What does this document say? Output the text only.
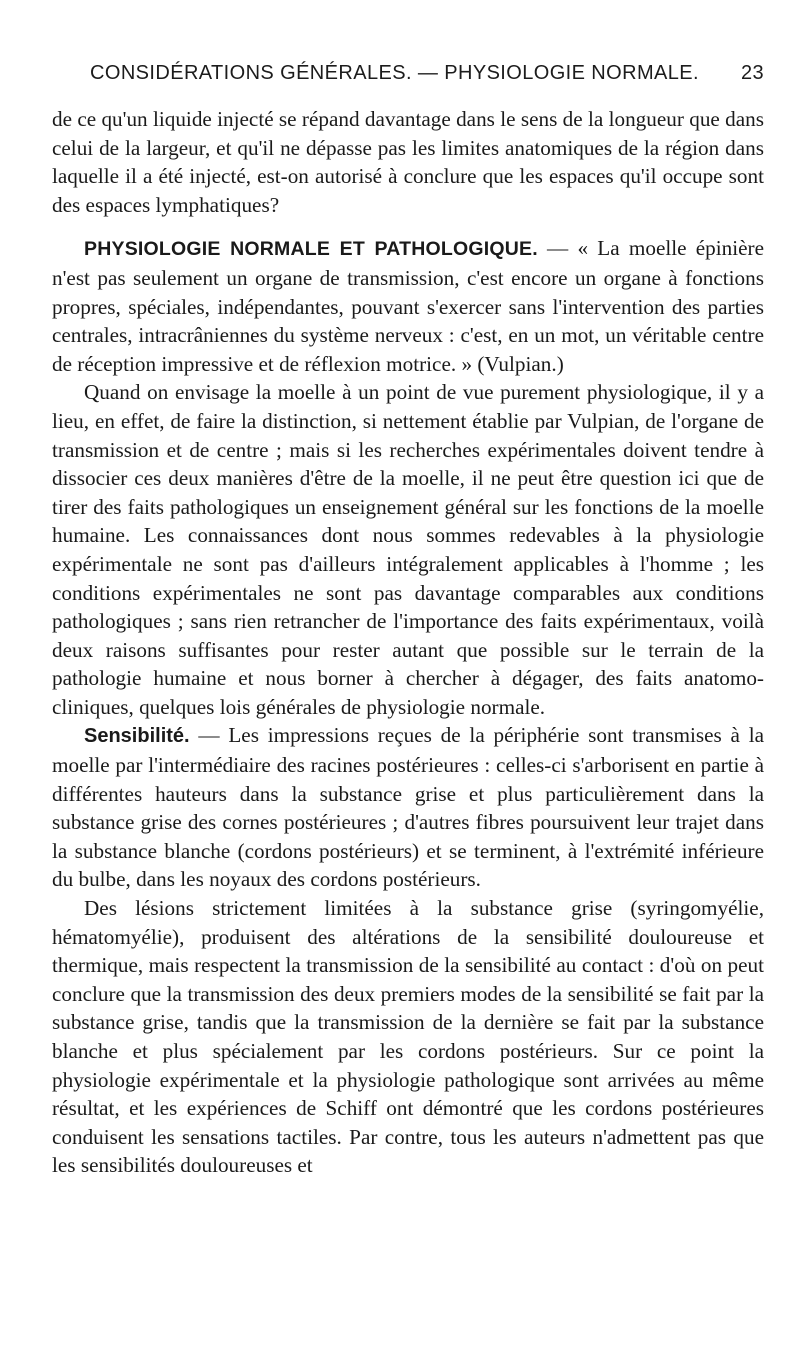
CONSIDÉRATIONS GÉNÉRALES. — PHYSIOLOGIE NORMALE.	23

de ce qu'un liquide injecté se répand davantage dans le sens de la longueur que dans celui de la largeur, et qu'il ne dépasse pas les limites anatomiques de la région dans laquelle il a été injecté, est-on autorisé à conclure que les espaces qu'il occupe sont des espaces lymphatiques?

PHYSIOLOGIE NORMALE ET PATHOLOGIQUE. — « La moelle épinière n'est pas seulement un organe de transmission, c'est encore un organe à fonctions propres, spéciales, indépendantes, pouvant s'exercer sans l'intervention des parties centrales, intracrâniennes du système nerveux : c'est, en un mot, un véritable centre de réception impressive et de réflexion motrice. » (Vulpian.)

Quand on envisage la moelle à un point de vue purement physiologique, il y a lieu, en effet, de faire la distinction, si nettement établie par Vulpian, de l'organe de transmission et de centre ; mais si les recherches expérimentales doivent tendre à dissocier ces deux manières d'être de la moelle, il ne peut être question ici que de tirer des faits pathologiques un enseignement général sur les fonctions de la moelle humaine. Les connaissances dont nous sommes redevables à la physiologie expérimentale ne sont pas d'ailleurs intégralement applicables à l'homme ; les conditions expérimentales ne sont pas davantage comparables aux conditions pathologiques ; sans rien retrancher de l'importance des faits expérimentaux, voilà deux raisons suffisantes pour rester autant que possible sur le terrain de la pathologie humaine et nous borner à chercher à dégager, des faits anatomo-cliniques, quelques lois générales de physiologie normale.

Sensibilité. — Les impressions reçues de la périphérie sont transmises à la moelle par l'intermédiaire des racines postérieures : celles-ci s'arborisent en partie à différentes hauteurs dans la substance grise et plus particulièrement dans la substance grise des cornes postérieures ; d'autres fibres poursuivent leur trajet dans la substance blanche (cordons postérieurs) et se terminent, à l'extrémité inférieure du bulbe, dans les noyaux des cordons postérieurs.

Des lésions strictement limitées à la substance grise (syringomyélie, hématomyélie), produisent des altérations de la sensibilité douloureuse et thermique, mais respectent la transmission de la sensibilité au contact : d'où on peut conclure que la transmission des deux premiers modes de la sensibilité se fait par la substance grise, tandis que la transmission de la dernière se fait par la substance blanche et plus spécialement par les cordons postérieurs. Sur ce point la physiologie expérimentale et la physiologie pathologique sont arrivées au même résultat, et les expériences de Schiff ont démontré que les cordons postérieures conduisent les sensations tactiles. Par contre, tous les auteurs n'admettent pas que les sensibilités douloureuses et
